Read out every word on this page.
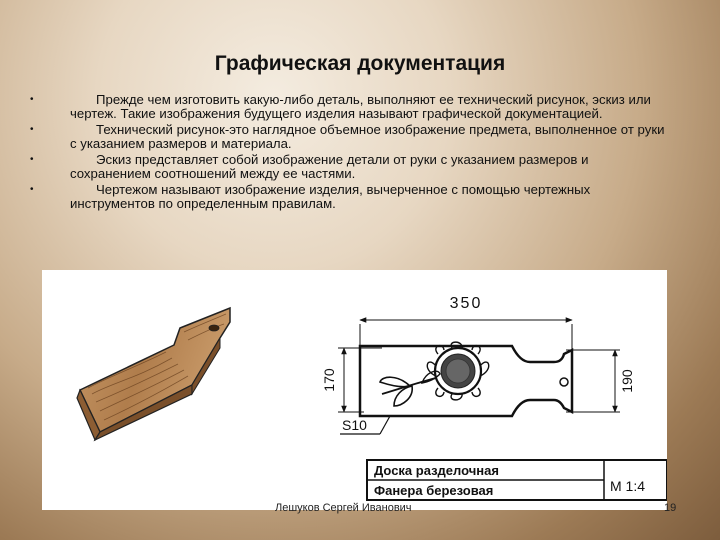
Графическая документация
•	Прежде чем изготовить какую-либо деталь, выполняют ее технический рисунок, эскиз или чертеж. Такие изображения будущего изделия называют графической документацией.
•	Технический рисунок-это наглядное объемное изображение предмета, выполненное от руки с указанием размеров и материала.
•	Эскиз представляет собой изображение детали от руки с указанием размеров и сохранением соотношений между ее частями.
•	Чертежом называют изображение изделия, вычерченное с помощью чертежных инструментов по определенным правилам.
350
170	190
S10
Доска разделочная
Фанера березовая	М 1:4
Лешуков Сергей Иванович	19
